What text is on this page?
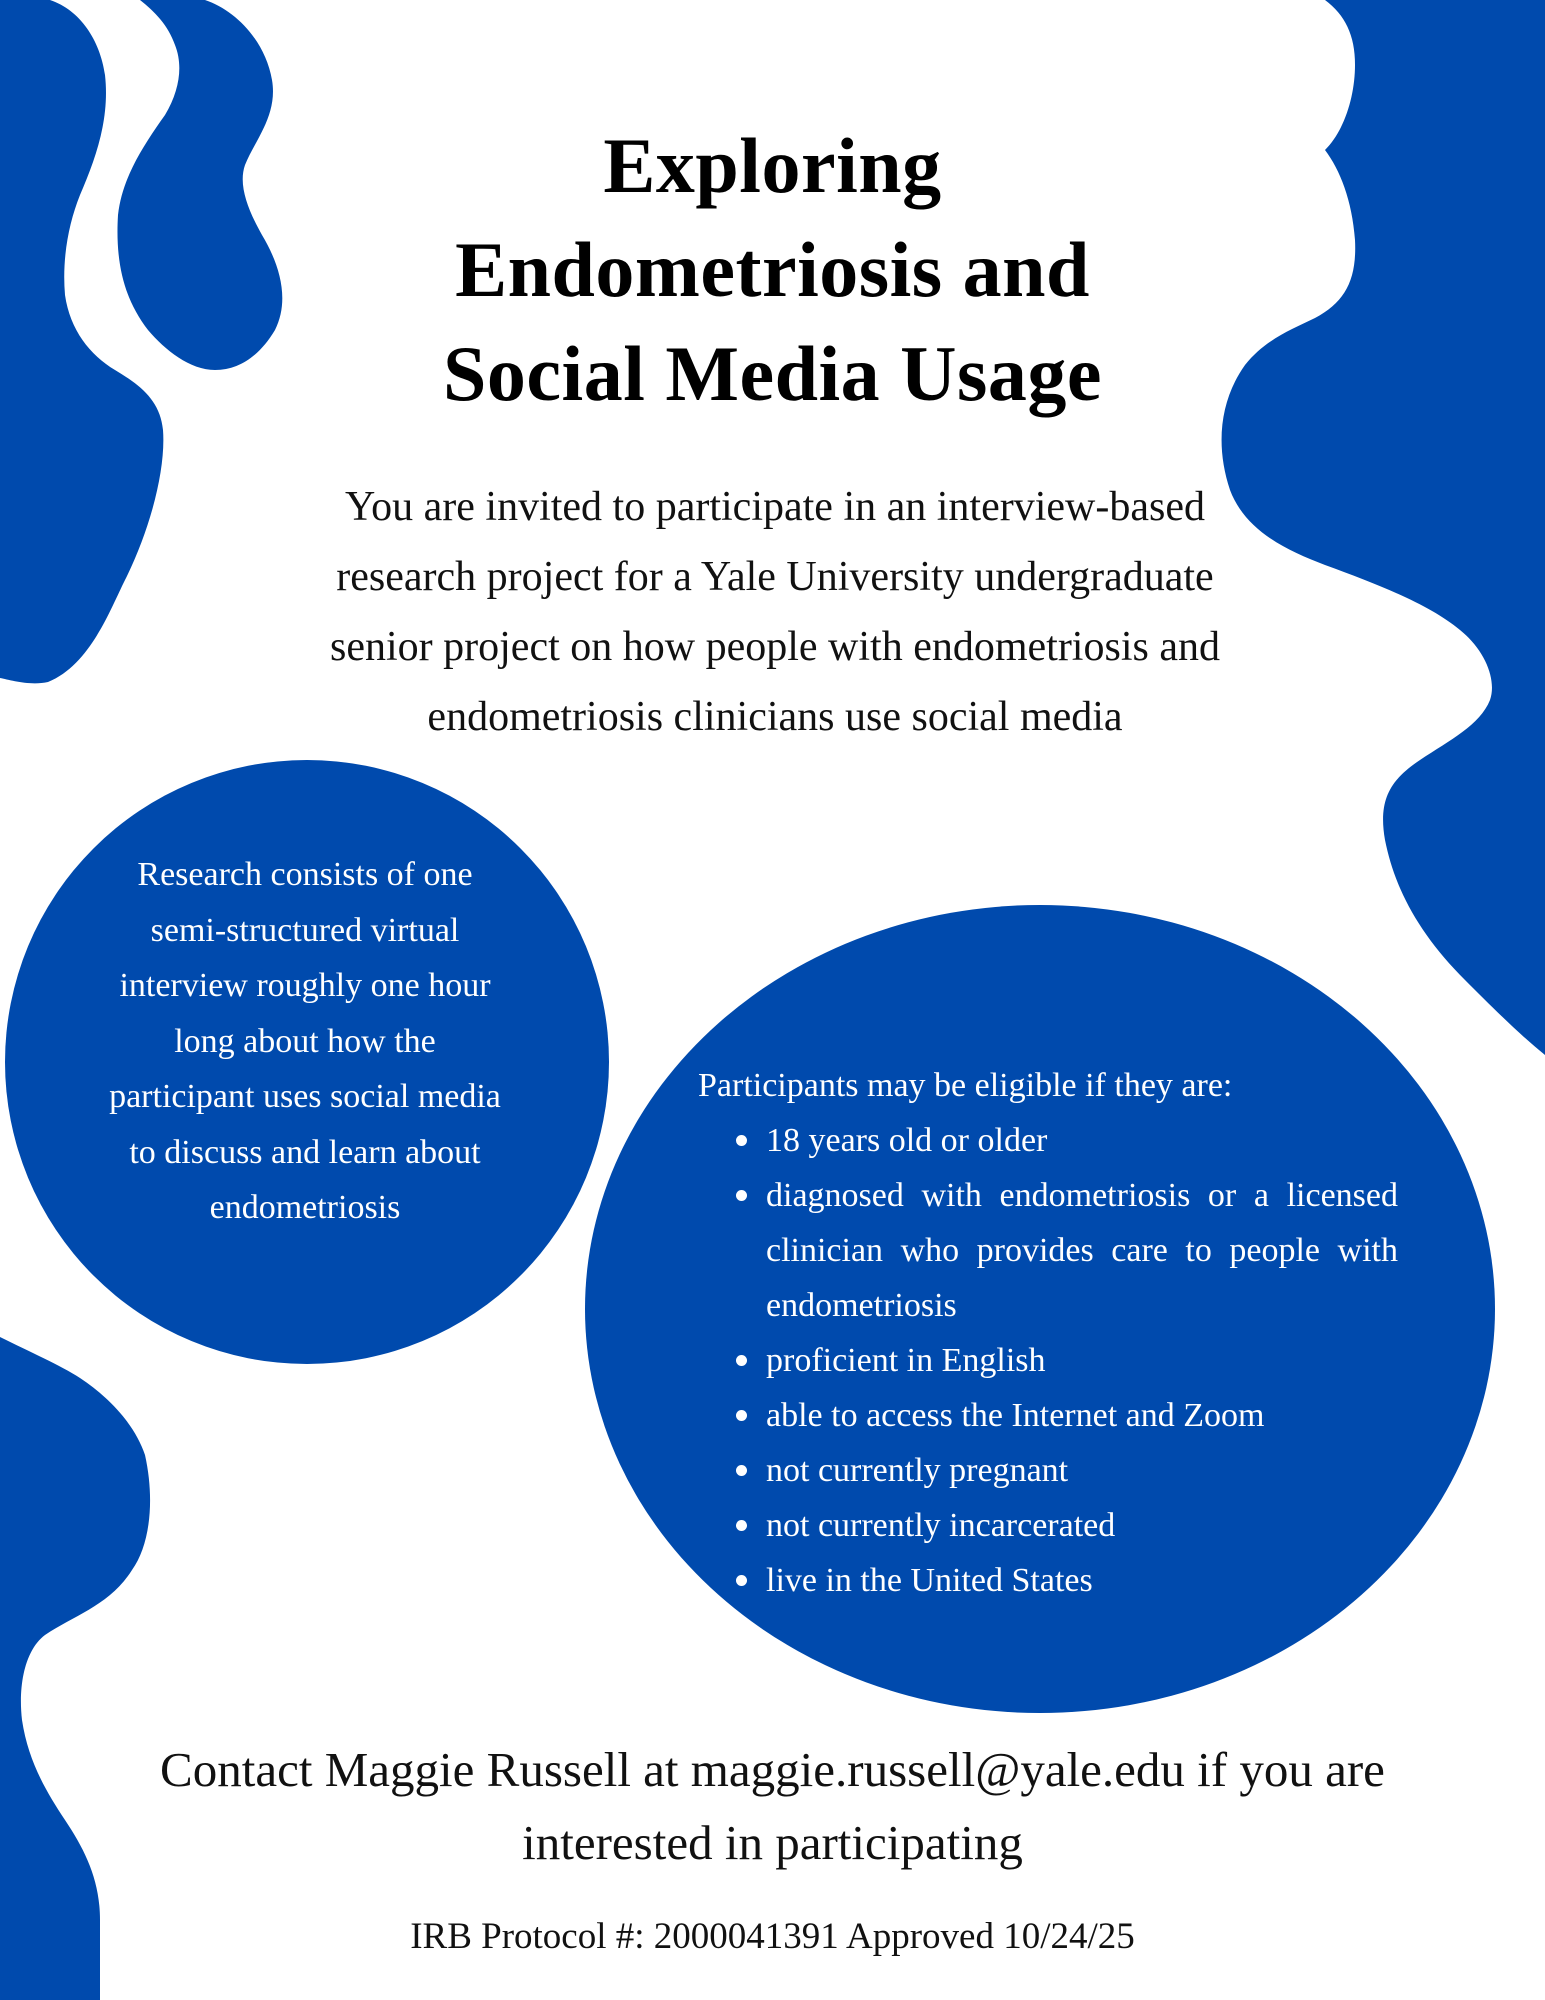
Exploring
Endometriosis and
Social Media Usage
You are invited to participate in an interview-based
research project for a Yale University undergraduate
senior project on how people with endometriosis and
endometriosis clinicians use social media
Research consists of one
semi-structured virtual
interview roughly one hour
long about how the
participant uses social media
to discuss and learn about
endometriosis
Participants may be eligible if they are:
18 years old or older
diagnosed with endometriosis or a licensed clinician who provides care to people with endometriosis
proficient in English
able to access the Internet and Zoom
not currently pregnant
not currently incarcerated
live in the United States
Contact Maggie Russell at maggie.russell@yale.edu if you are
interested in participating
IRB Protocol #: 2000041391 Approved 10/24/25
